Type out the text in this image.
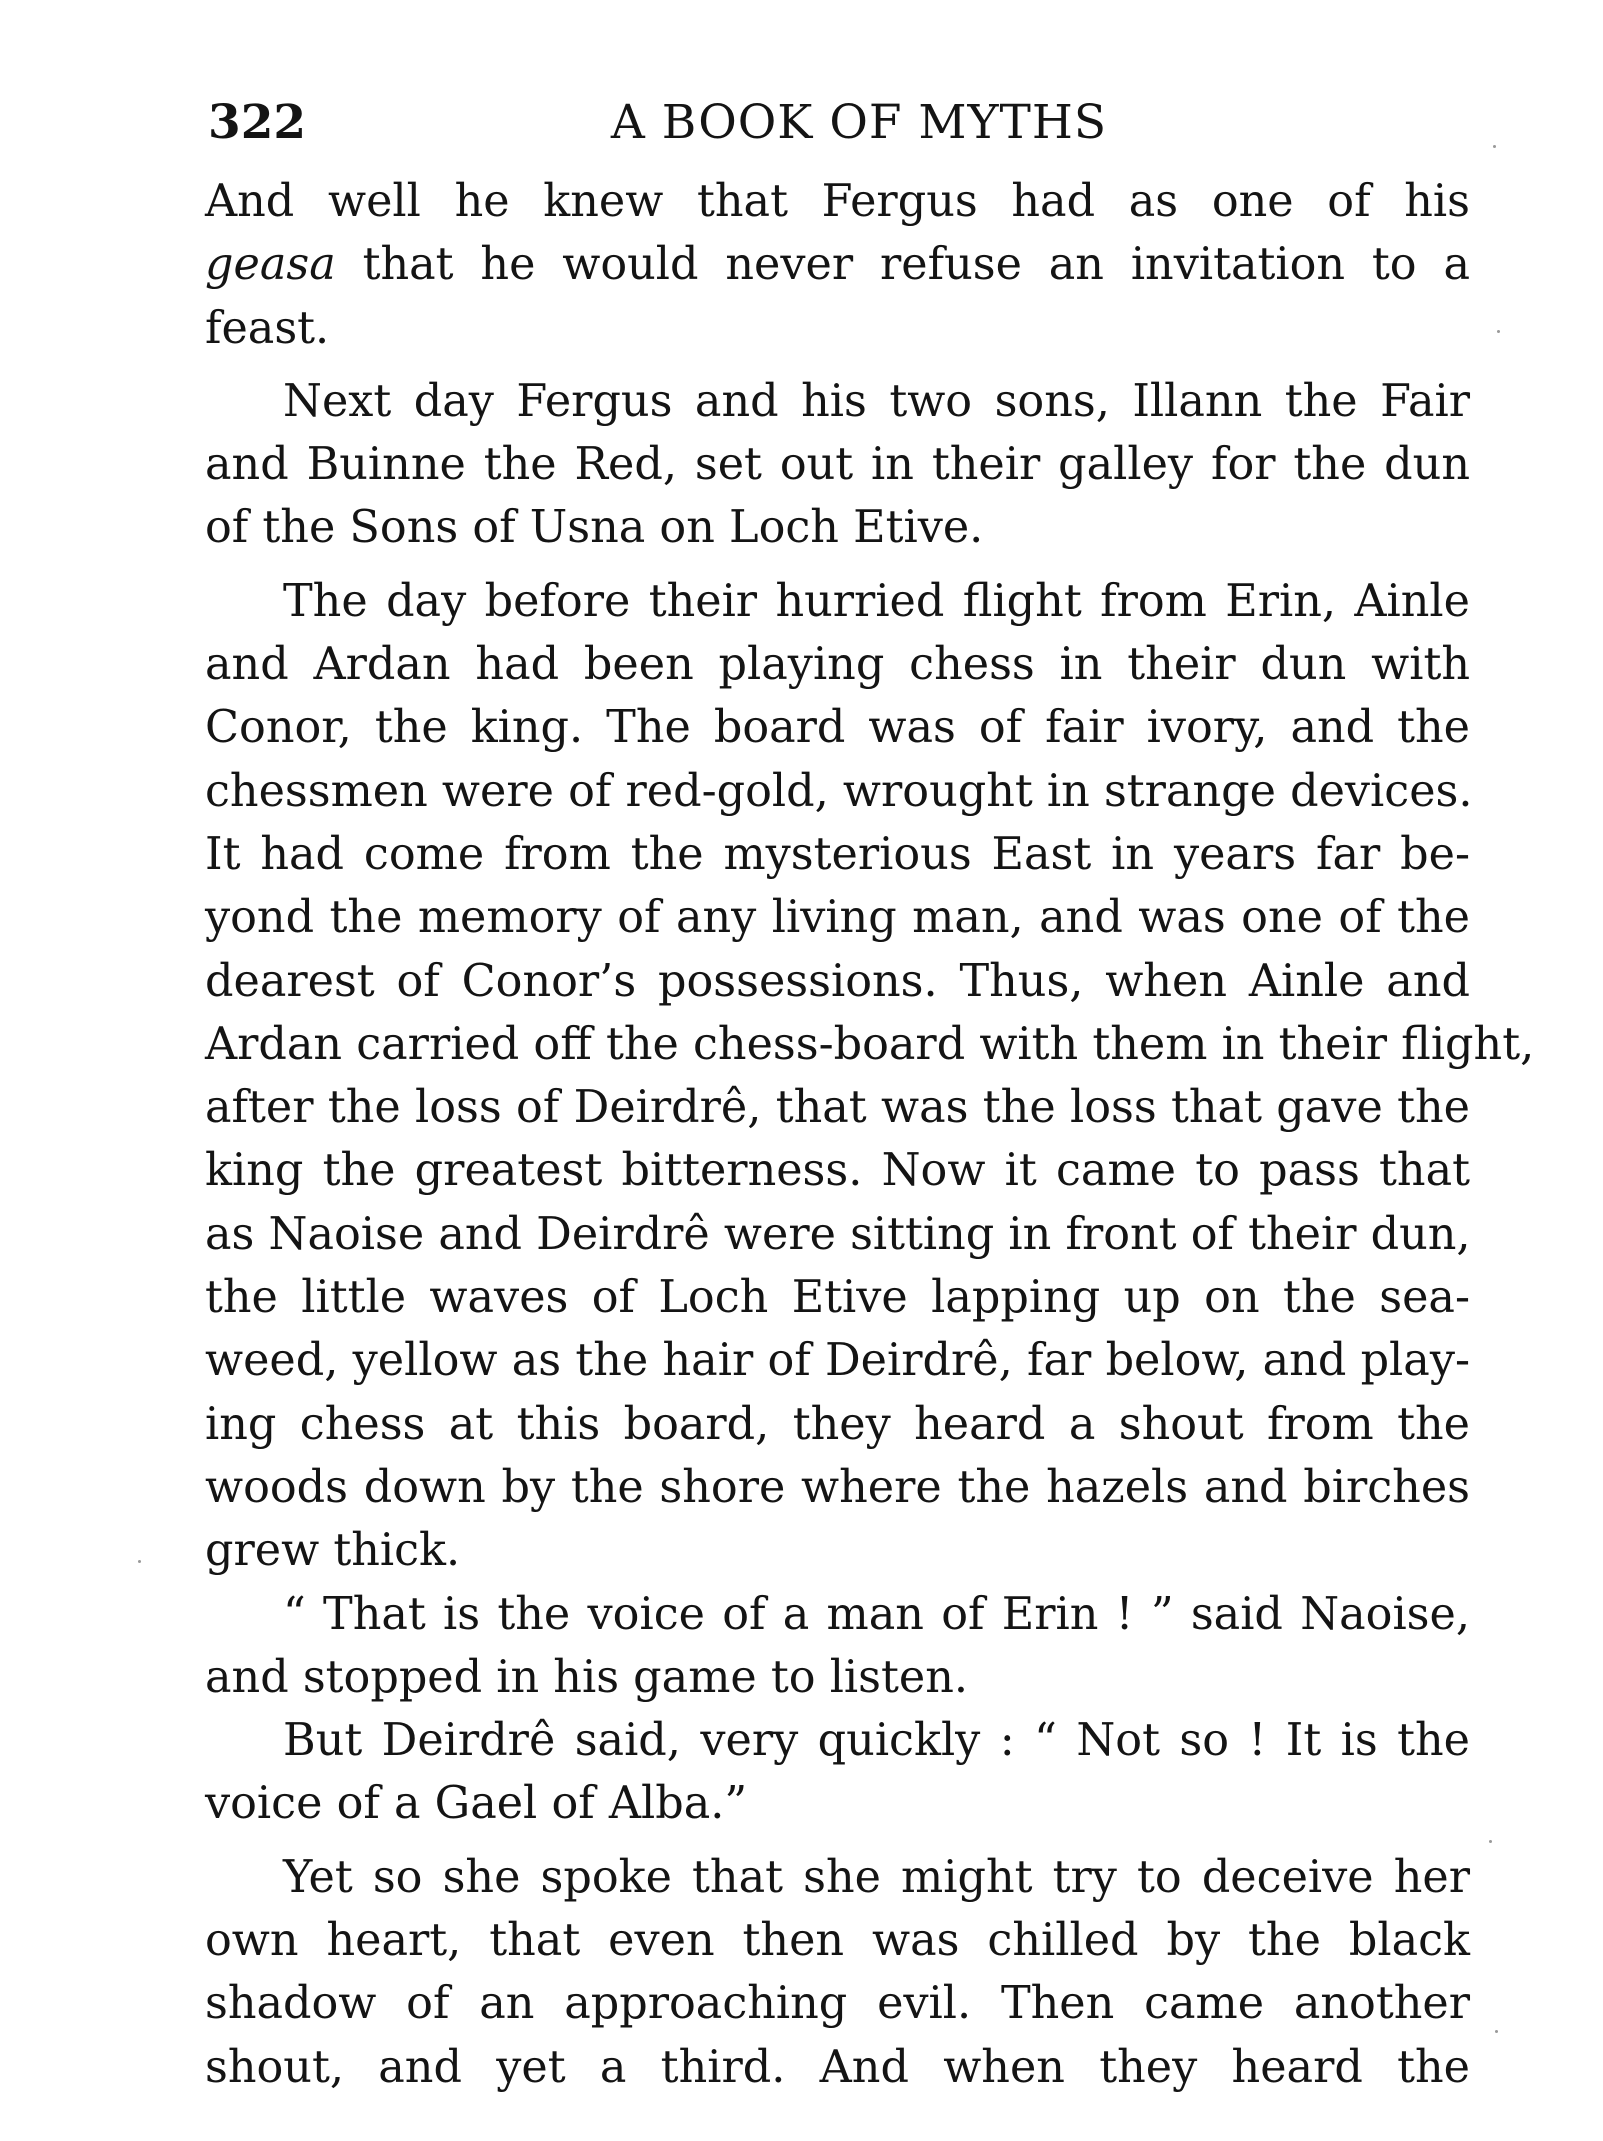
322	A BOOK OF MYTHS
And well he knew that Fergus had as one of his
geasa that he would never refuse an invitation to a
feast.
Next day Fergus and his two sons, Illann the Fair
and Buinne the Red, set out in their galley for the dun
of the Sons of Usna on Loch Etive.
The day before their hurried flight from Erin, Ainle
and Ardan had been playing chess in their dun with
Conor, the king. The board was of fair ivory, and the
chessmen were of red-gold, wrought in strange devices.
It had come from the mysterious East in years far be-
yond the memory of any living man, and was one of the
dearest of Conor’s possessions. Thus, when Ainle and
Ardan carried off the chess-board with them in their flight,
after the loss of Deirdrê, that was the loss that gave the
king the greatest bitterness. Now it came to pass that
as Naoise and Deirdrê were sitting in front of their dun,
the little waves of Loch Etive lapping up on the sea-
weed, yellow as the hair of Deirdrê, far below, and play-
ing chess at this board, they heard a shout from the
woods down by the shore where the hazels and birches
grew thick.
“ That is the voice of a man of Erin ! ” said Naoise,
and stopped in his game to listen.
But Deirdrê said, very quickly : “ Not so ! It is the
voice of a Gael of Alba.”
Yet so she spoke that she might try to deceive her
own heart, that even then was chilled by the black
shadow of an approaching evil. Then came another
shout, and yet a third. And when they heard the
